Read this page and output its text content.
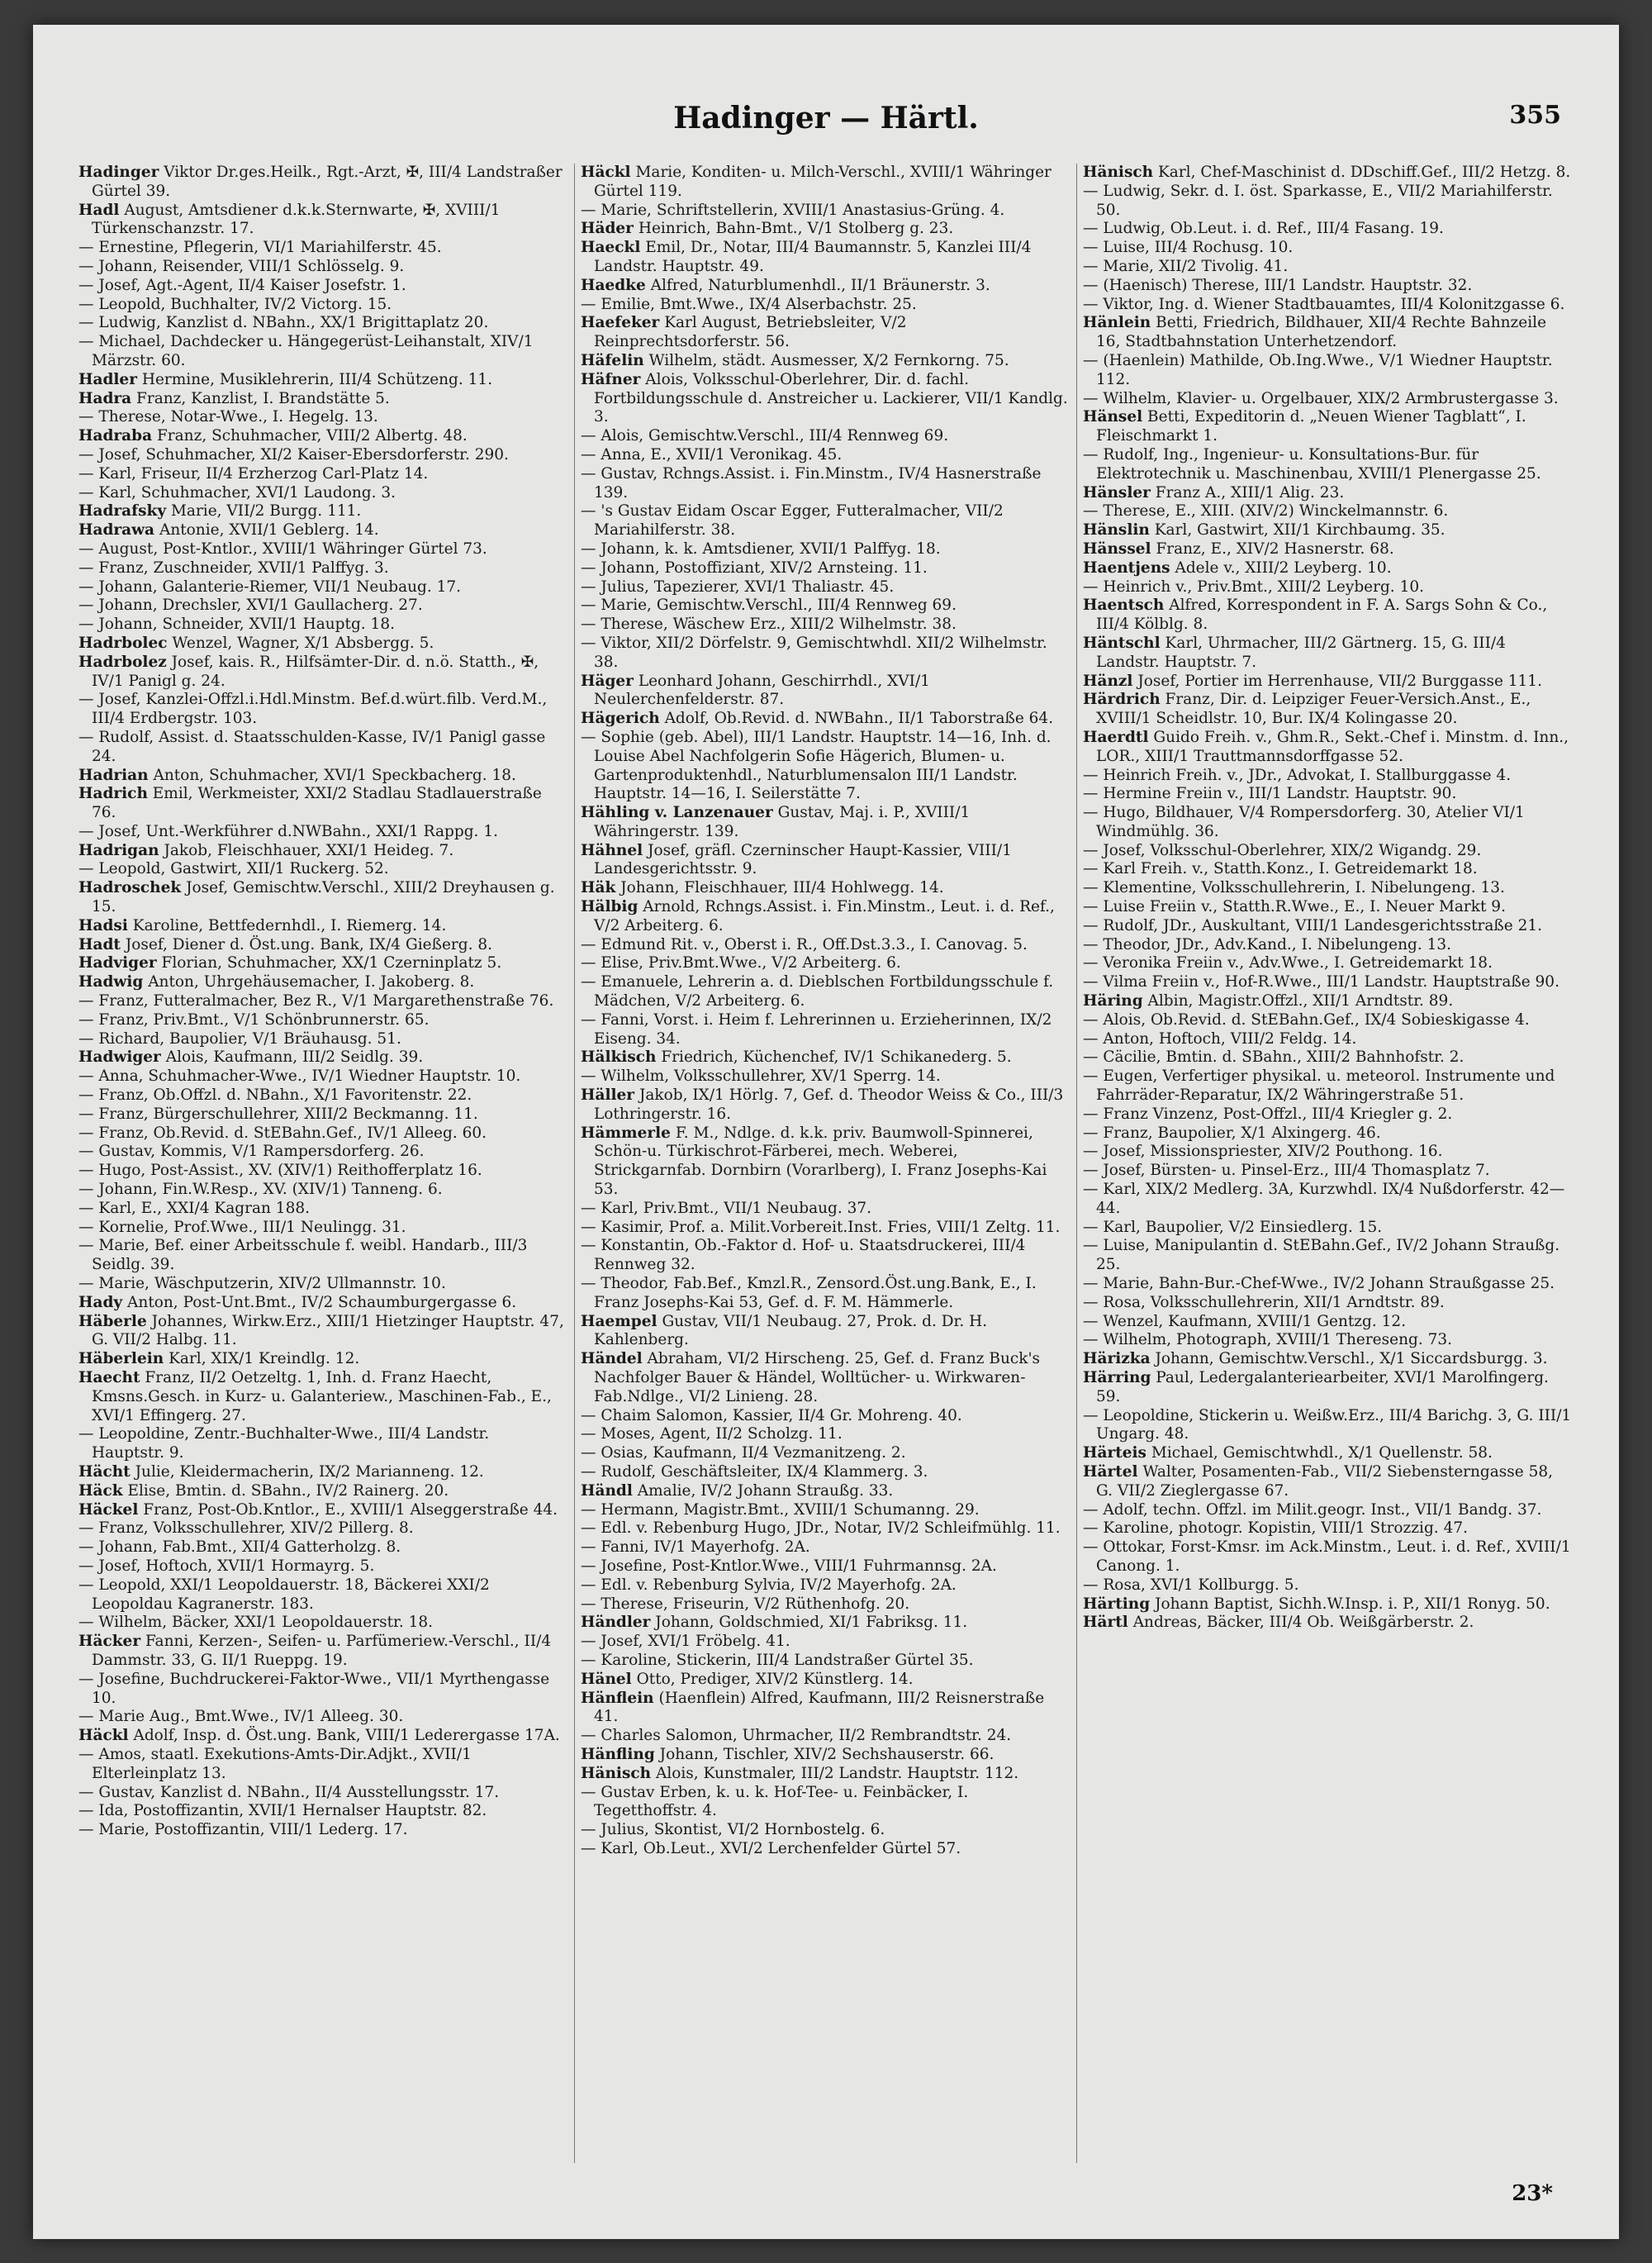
Hadinger — Härtl.	355

Hadinger Viktor Dr.ges.Heilk., Rgt.-Arzt, ✠, III/4 Landstraßer Gürtel 39.

Hadl August, Amtsdiener d.k.k.Sternwarte, ✠, XVIII/1 Türkenschanzstr. 17.

— Ernestine, Pflegerin, VI/1 Mariahilferstr. 45.

— Johann, Reisender, VIII/1 Schlösselg. 9.

— Josef, Agt.-Agent, II/4 Kaiser Josefstr. 1.

— Leopold, Buchhalter, IV/2 Victorg. 15.

— Ludwig, Kanzlist d. NBahn., XX/1 Brigittaplatz 20.

— Michael, Dachdecker u. Hängegerüst-Leihanstalt, XIV/1 Märzstr. 60.

Hadler Hermine, Musiklehrerin, III/4 Schützeng. 11.

Hadra Franz, Kanzlist, I. Brandstätte 5.

— Therese, Notar-Wwe., I. Hegelg. 13.

Hadraba Franz, Schuhmacher, VIII/2 Albertg. 48.

— Josef, Schuhmacher, XI/2 Kaiser-Ebersdorferstr. 290.

— Karl, Friseur, II/4 Erzherzog Carl-Platz 14.

— Karl, Schuhmacher, XVI/1 Laudong. 3.

Hadrafsky Marie, VII/2 Burgg. 111.

Hadrawa Antonie, XVII/1 Geblerg. 14.

— August, Post-Kntlor., XVIII/1 Währinger Gürtel 73.

— Franz, Zuschneider, XVII/1 Palffyg. 3.

— Johann, Galanterie-Riemer, VII/1 Neubaug. 17.

— Johann, Drechsler, XVI/1 Gaullacherg. 27.

— Johann, Schneider, XVII/1 Hauptg. 18.

Hadrbolec Wenzel, Wagner, X/1 Absbergg. 5.

Hadrbolez Josef, kais. R., Hilfsämter-Dir. d. n.ö. Statth., ✠, IV/1 Panigl g. 24.

— Josef, Kanzlei-Offzl.i.Hdl.Minstm. Bef.d.würt.filb. Verd.M., III/4 Erdbergstr. 103.

— Rudolf, Assist. d. Staatsschulden-Kasse, IV/1 Panigl gasse 24.

Hadrian Anton, Schuhmacher, XVI/1 Speckbacherg. 18.

Hadrich Emil, Werkmeister, XXI/2 Stadlau Stadlauerstraße 76.

— Josef, Unt.-Werkführer d.NWBahn., XXI/1 Rappg. 1.

Hadrigan Jakob, Fleischhauer, XXI/1 Heideg. 7.

— Leopold, Gastwirt, XII/1 Ruckerg. 52.

Hadroschek Josef, Gemischtw.Verschl., XIII/2 Dreyhausen g. 15.

Hadsi Karoline, Bettfedernhdl., I. Riemerg. 14.

Hadt Josef, Diener d. Öst.ung. Bank, IX/4 Gießerg. 8.

Hadviger Florian, Schuhmacher, XX/1 Czerninplatz 5.

Hadwig Anton, Uhrgehäusemacher, I. Jakoberg. 8.

— Franz, Futteralmacher, Bez R., V/1 Margarethenstraße 76.

— Franz, Priv.Bmt., V/1 Schönbrunnerstr. 65.

— Richard, Baupolier, V/1 Bräuhausg. 51.

Hadwiger Alois, Kaufmann, III/2 Seidlg. 39.

— Anna, Schuhmacher-Wwe., IV/1 Wiedner Hauptstr. 10.

— Franz, Ob.Offzl. d. NBahn., X/1 Favoritenstr. 22.

— Franz, Bürgerschullehrer, XIII/2 Beckmanng. 11.

— Franz, Ob.Revid. d. StEBahn.Gef., IV/1 Alleeg. 60.

— Gustav, Kommis, V/1 Rampersdorferg. 26.

— Hugo, Post-Assist., XV. (XIV/1) Reithofferplatz 16.

— Johann, Fin.W.Resp., XV. (XIV/1) Tanneng. 6.

— Karl, E., XXI/4 Kagran 188.

— Kornelie, Prof.Wwe., III/1 Neulingg. 31.

— Marie, Bef. einer Arbeitsschule f. weibl. Handarb., III/3 Seidlg. 39.

— Marie, Wäschputzerin, XIV/2 Ullmannstr. 10.

Hady Anton, Post-Unt.Bmt., IV/2 Schaumburgergasse 6.

Häberle Johannes, Wirkw.Erz., XIII/1 Hietzinger Hauptstr. 47, G. VII/2 Halbg. 11.

Häberlein Karl, XIX/1 Kreindlg. 12.

Haecht Franz, II/2 Oetzeltg. 1, Inh. d. Franz Haecht, Kmsns.Gesch. in Kurz- u. Galanteriew., Maschinen-Fab., E., XVI/1 Effingerg. 27.

— Leopoldine, Zentr.-Buchhalter-Wwe., III/4 Landstr. Hauptstr. 9.

Hächt Julie, Kleidermacherin, IX/2 Marianneng. 12.

Häck Elise, Bmtin. d. SBahn., IV/2 Rainerg. 20.

Häckel Franz, Post-Ob.Kntlor., E., XVIII/1 Alseggerstraße 44.

— Franz, Volksschullehrer, XIV/2 Pillerg. 8.

— Johann, Fab.Bmt., XII/4 Gatterholzg. 8.

— Josef, Hoftoch, XVII/1 Hormayrg. 5.

— Leopold, XXI/1 Leopoldauerstr. 18, Bäckerei XXI/2 Leopoldau Kagranerstr. 183.

— Wilhelm, Bäcker, XXI/1 Leopoldauerstr. 18.

Häcker Fanni, Kerzen-, Seifen- u. Parfümeriew.-Verschl., II/4 Dammstr. 33, G. II/1 Rueppg. 19.

— Josefine, Buchdruckerei-Faktor-Wwe., VII/1 Myrthengasse 10.

— Marie Aug., Bmt.Wwe., IV/1 Alleeg. 30.

Häckl Adolf, Insp. d. Öst.ung. Bank, VIII/1 Lederergasse 17A.

— Amos, staatl. Exekutions-Amts-Dir.Adjkt., XVII/1 Elterleinplatz 13.

— Gustav, Kanzlist d. NBahn., II/4 Ausstellungsstr. 17.

— Ida, Postoffizantin, XVII/1 Hernalser Hauptstr. 82.

— Marie, Postoffizantin, VIII/1 Lederg. 17.

Häckl Marie, Konditen- u. Milch-Verschl., XVIII/1 Währinger Gürtel 119.

— Marie, Schriftstellerin, XVIII/1 Anastasius-Grüng. 4.

Häder Heinrich, Bahn-Bmt., V/1 Stolberg g. 23.

Haeckl Emil, Dr., Notar, III/4 Baumannstr. 5, Kanzlei III/4 Landstr. Hauptstr. 49.

Haedke Alfred, Naturblumenhdl., II/1 Bräunerstr. 3.

— Emilie, Bmt.Wwe., IX/4 Alserbachstr. 25.

Haefeker Karl August, Betriebsleiter, V/2 Reinprechtsdorferstr. 56.

Häfelin Wilhelm, städt. Ausmesser, X/2 Fernkorng. 75.

Häfner Alois, Volksschul-Oberlehrer, Dir. d. fachl. Fortbildungsschule d. Anstreicher u. Lackierer, VII/1 Kandlg. 3.

— Alois, Gemischtw.Verschl., III/4 Rennweg 69.

— Anna, E., XVII/1 Veronikag. 45.

— Gustav, Rchngs.Assist. i. Fin.Minstm., IV/4 Hasnerstraße 139.

— 's Gustav Eidam Oscar Egger, Futteralmacher, VII/2 Mariahilferstr. 38.

— Johann, k. k. Amtsdiener, XVII/1 Palffyg. 18.

— Johann, Postoffiziant, XIV/2 Arnsteing. 11.

— Julius, Tapezierer, XVI/1 Thaliastr. 45.

— Marie, Gemischtw.Verschl., III/4 Rennweg 69.

— Therese, Wäschew Erz., XIII/2 Wilhelmstr. 38.

— Viktor, XII/2 Dörfelstr. 9, Gemischtwhdl. XII/2 Wilhelmstr. 38.

Häger Leonhard Johann, Geschirrhdl., XVI/1 Neulerchenfelderstr. 87.

Hägerich Adolf, Ob.Revid. d. NWBahn., II/1 Taborstraße 64.

— Sophie (geb. Abel), III/1 Landstr. Hauptstr. 14—16, Inh. d. Louise Abel Nachfolgerin Sofie Hägerich, Blumen- u. Gartenproduktenhdl., Naturblumensalon III/1 Landstr. Hauptstr. 14—16, I. Seilerstätte 7.

Hähling v. Lanzenauer Gustav, Maj. i. P., XVIII/1 Währingerstr. 139.

Hähnel Josef, gräfl. Czerninscher Haupt-Kassier, VIII/1 Landesgerichtsstr. 9.

Häk Johann, Fleischhauer, III/4 Hohlwegg. 14.

Hälbig Arnold, Rchngs.Assist. i. Fin.Minstm., Leut. i. d. Ref., V/2 Arbeiterg. 6.

— Edmund Rit. v., Oberst i. R., Off.Dst.3.3., I. Canovag. 5.

— Elise, Priv.Bmt.Wwe., V/2 Arbeiterg. 6.

— Emanuele, Lehrerin a. d. Dieblschen Fortbildungsschule f. Mädchen, V/2 Arbeiterg. 6.

— Fanni, Vorst. i. Heim f. Lehrerinnen u. Erzieherinnen, IX/2 Eiseng. 34.

Hälkisch Friedrich, Küchenchef, IV/1 Schikanederg. 5.

— Wilhelm, Volksschullehrer, XV/1 Sperrg. 14.

Häller Jakob, IX/1 Hörlg. 7, Gef. d. Theodor Weiss & Co., III/3 Lothringerstr. 16.

Hämmerle F. M., Ndlge. d. k.k. priv. Baumwoll-Spinnerei, Schön-u. Türkischrot-Färberei, mech. Weberei, Strickgarnfab. Dornbirn (Vorarlberg), I. Franz Josephs-Kai 53.

— Karl, Priv.Bmt., VII/1 Neubaug. 37.

— Kasimir, Prof. a. Milit.Vorbereit.Inst. Fries, VIII/1 Zeltg. 11.

— Konstantin, Ob.-Faktor d. Hof- u. Staatsdruckerei, III/4 Rennweg 32.

— Theodor, Fab.Bef., Kmzl.R., Zensord.Öst.ung.Bank, E., I. Franz Josephs-Kai 53, Gef. d. F. M. Hämmerle.

Haempel Gustav, VII/1 Neubaug. 27, Prok. d. Dr. H. Kahlenberg.

Händel Abraham, VI/2 Hirscheng. 25, Gef. d. Franz Buck's Nachfolger Bauer & Händel, Wolltücher- u. Wirkwaren-Fab.Ndlge., VI/2 Linieng. 28.

— Chaim Salomon, Kassier, II/4 Gr. Mohreng. 40.

— Moses, Agent, II/2 Scholzg. 11.

— Osias, Kaufmann, II/4 Vezmanitzeng. 2.

— Rudolf, Geschäftsleiter, IX/4 Klammerg. 3.

Händl Amalie, IV/2 Johann Straußg. 33.

— Hermann, Magistr.Bmt., XVIII/1 Schumanng. 29.

— Edl. v. Rebenburg Hugo, JDr., Notar, IV/2 Schleifmühlg. 11.

— Fanni, IV/1 Mayerhofg. 2A.

— Josefine, Post-Kntlor.Wwe., VIII/1 Fuhrmannsg. 2A.

— Edl. v. Rebenburg Sylvia, IV/2 Mayerhofg. 2A.

— Therese, Friseurin, V/2 Rüthenhofg. 20.

Händler Johann, Goldschmied, XI/1 Fabriksg. 11.

— Josef, XVI/1 Fröbelg. 41.

— Karoline, Stickerin, III/4 Landstraßer Gürtel 35.

Hänel Otto, Prediger, XIV/2 Künstlerg. 14.

Hänflein (Haenflein) Alfred, Kaufmann, III/2 Reisnerstraße 41.

— Charles Salomon, Uhrmacher, II/2 Rembrandtstr. 24.

Hänfling Johann, Tischler, XIV/2 Sechshauserstr. 66.

Hänisch Alois, Kunstmaler, III/2 Landstr. Hauptstr. 112.

— Gustav Erben, k. u. k. Hof-Tee- u. Feinbäcker, I. Tegetthoffstr. 4.

— Julius, Skontist, VI/2 Hornbostelg. 6.

— Karl, Ob.Leut., XVI/2 Lerchenfelder Gürtel 57.

Hänisch Karl, Chef-Maschinist d. DDschiff.Gef., III/2 Hetzg. 8.

— Ludwig, Sekr. d. I. öst. Sparkasse, E., VII/2 Mariahilferstr. 50.

— Ludwig, Ob.Leut. i. d. Ref., III/4 Fasang. 19.

— Luise, III/4 Rochusg. 10.

— Marie, XII/2 Tivolig. 41.

— (Haenisch) Therese, III/1 Landstr. Hauptstr. 32.

— Viktor, Ing. d. Wiener Stadtbauamtes, III/4 Kolonitzgasse 6.

Hänlein Betti, Friedrich, Bildhauer, XII/4 Rechte Bahnzeile 16, Stadtbahnstation Unterhetzendorf.

— (Haenlein) Mathilde, Ob.Ing.Wwe., V/1 Wiedner Hauptstr. 112.

— Wilhelm, Klavier- u. Orgelbauer, XIX/2 Armbrustergasse 3.

Hänsel Betti, Expeditorin d. „Neuen Wiener Tagblatt“, I. Fleischmarkt 1.

— Rudolf, Ing., Ingenieur- u. Konsultations-Bur. für Elektrotechnik u. Maschinenbau, XVIII/1 Plenergasse 25.

Hänsler Franz A., XIII/1 Alig. 23.

— Therese, E., XIII. (XIV/2) Winckelmannstr. 6.

Hänslin Karl, Gastwirt, XII/1 Kirchbaumg. 35.

Hänssel Franz, E., XIV/2 Hasnerstr. 68.

Haentjens Adele v., XIII/2 Leyberg. 10.

— Heinrich v., Priv.Bmt., XIII/2 Leyberg. 10.

Haentsch Alfred, Korrespondent in F. A. Sargs Sohn & Co., III/4 Kölblg. 8.

Häntschl Karl, Uhrmacher, III/2 Gärtnerg. 15, G. III/4 Landstr. Hauptstr. 7.

Hänzl Josef, Portier im Herrenhause, VII/2 Burggasse 111.

Härdrich Franz, Dir. d. Leipziger Feuer-Versich.Anst., E., XVIII/1 Scheidlstr. 10, Bur. IX/4 Kolingasse 20.

Haerdtl Guido Freih. v., Ghm.R., Sekt.-Chef i. Minstm. d. Inn., LOR., XIII/1 Trauttmannsdorffgasse 52.

— Heinrich Freih. v., JDr., Advokat, I. Stallburggasse 4.

— Hermine Freiin v., III/1 Landstr. Hauptstr. 90.

— Hugo, Bildhauer, V/4 Rompersdorferg. 30, Atelier VI/1 Windmühlg. 36.

— Josef, Volksschul-Oberlehrer, XIX/2 Wigandg. 29.

— Karl Freih. v., Statth.Konz., I. Getreidemarkt 18.

— Klementine, Volksschullehrerin, I. Nibelungeng. 13.

— Luise Freiin v., Statth.R.Wwe., E., I. Neuer Markt 9.

— Rudolf, JDr., Auskultant, VIII/1 Landesgerichtsstraße 21.

— Theodor, JDr., Adv.Kand., I. Nibelungeng. 13.

— Veronika Freiin v., Adv.Wwe., I. Getreidemarkt 18.

— Vilma Freiin v., Hof-R.Wwe., III/1 Landstr. Hauptstraße 90.

Häring Albin, Magistr.Offzl., XII/1 Arndtstr. 89.

— Alois, Ob.Revid. d. StEBahn.Gef., IX/4 Sobieskigasse 4.

— Anton, Hoftoch, VIII/2 Feldg. 14.

— Cäcilie, Bmtin. d. SBahn., XIII/2 Bahnhofstr. 2.

— Eugen, Verfertiger physikal. u. meteorol. Instrumente und Fahrräder-Reparatur, IX/2 Währingerstraße 51.

— Franz Vinzenz, Post-Offzl., III/4 Kriegler g. 2.

— Franz, Baupolier, X/1 Alxingerg. 46.

— Josef, Missionspriester, XIV/2 Pouthong. 16.

— Josef, Bürsten- u. Pinsel-Erz., III/4 Thomasplatz 7.

— Karl, XIX/2 Medlerg. 3A, Kurzwhdl. IX/4 Nußdorferstr. 42—44.

— Karl, Baupolier, V/2 Einsiedlerg. 15.

— Luise, Manipulantin d. StEBahn.Gef., IV/2 Johann Straußg. 25.

— Marie, Bahn-Bur.-Chef-Wwe., IV/2 Johann Straußgasse 25.

— Rosa, Volksschullehrerin, XII/1 Arndtstr. 89.

— Wenzel, Kaufmann, XVIII/1 Gentzg. 12.

— Wilhelm, Photograph, XVIII/1 Thereseng. 73.

Härizka Johann, Gemischtw.Verschl., X/1 Siccardsburgg. 3.

Härring Paul, Ledergalanteriearbeiter, XVI/1 Marolfingerg. 59.

— Leopoldine, Stickerin u. Weißw.Erz., III/4 Barichg. 3, G. III/1 Ungarg. 48.

Härteis Michael, Gemischtwhdl., X/1 Quellenstr. 58.

Härtel Walter, Posamenten-Fab., VII/2 Siebensterngasse 58, G. VII/2 Zieglergasse 67.

— Adolf, techn. Offzl. im Milit.geogr. Inst., VII/1 Bandg. 37.

— Karoline, photogr. Kopistin, VIII/1 Strozzig. 47.

— Ottokar, Forst-Kmsr. im Ack.Minstm., Leut. i. d. Ref., XVIII/1 Canong. 1.

— Rosa, XVI/1 Kollburgg. 5.

Härting Johann Baptist, Sichh.W.Insp. i. P., XII/1 Ronyg. 50.

Härtl Andreas, Bäcker, III/4 Ob. Weißgärberstr. 2.

23*
